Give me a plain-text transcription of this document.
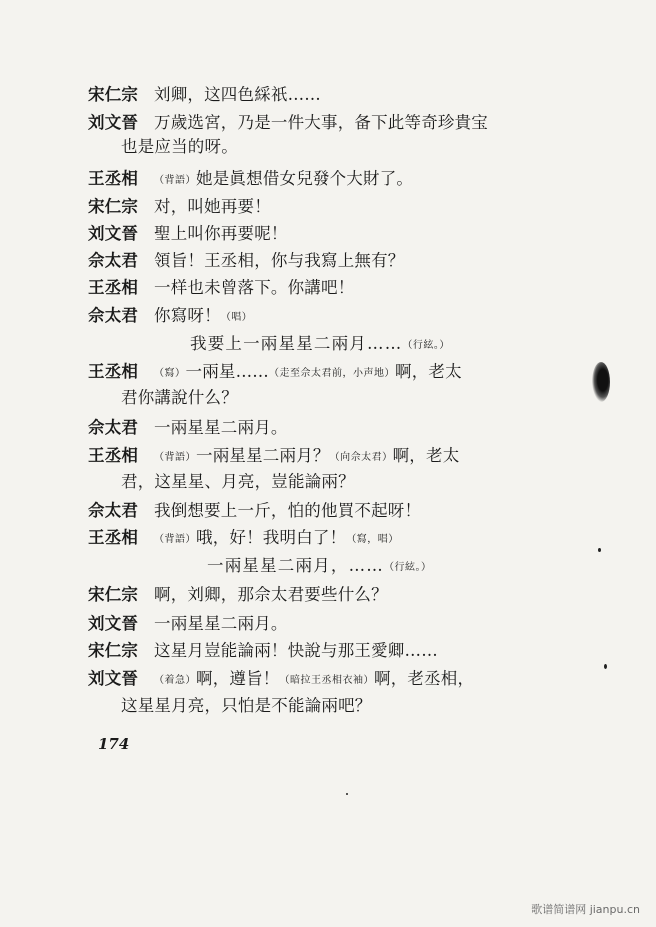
宋仁宗 刘卿，这四色綵祇……
刘文晉 万歲选宮，乃是一件大事，备下此等奇珍貴宝
也是应当的呀。
王丞相 （背語）她是眞想借女兒發个大財了。
宋仁宗 对，叫她再要！
刘文晉 聖上叫你再要呢！
佘太君 領旨！王丞相，你与我寫上無有？
王丞相 一样也未曾落下。你講吧！
佘太君 你寫呀！（唱）
我要上一兩星星二兩月……（行絃。）
王丞相 （寫）一兩星……（走至佘太君前，小声地）啊，老太
君你講說什么？
佘太君 一兩星星二兩月。
王丞相 （背語）一兩星星二兩月？（向佘太君）啊，老太
君，这星星、月亮，豈能論兩？
佘太君 我倒想要上一斤，怕的他買不起呀！
王丞相 （背語）哦，好！我明白了！（寫，唱）
一兩星星二兩月，……（行絃。）
宋仁宗 啊，刘卿，那佘太君要些什么？
刘文晉 一兩星星二兩月。
宋仁宗 这星月豈能論兩！快說与那王愛卿……
刘文晉 （着急）啊，遵旨！（暗拉王丞相衣袖）啊，老丞相，
这星星月亮，只怕是不能論兩吧？
174
歌谱简谱网 jianpu.cn
